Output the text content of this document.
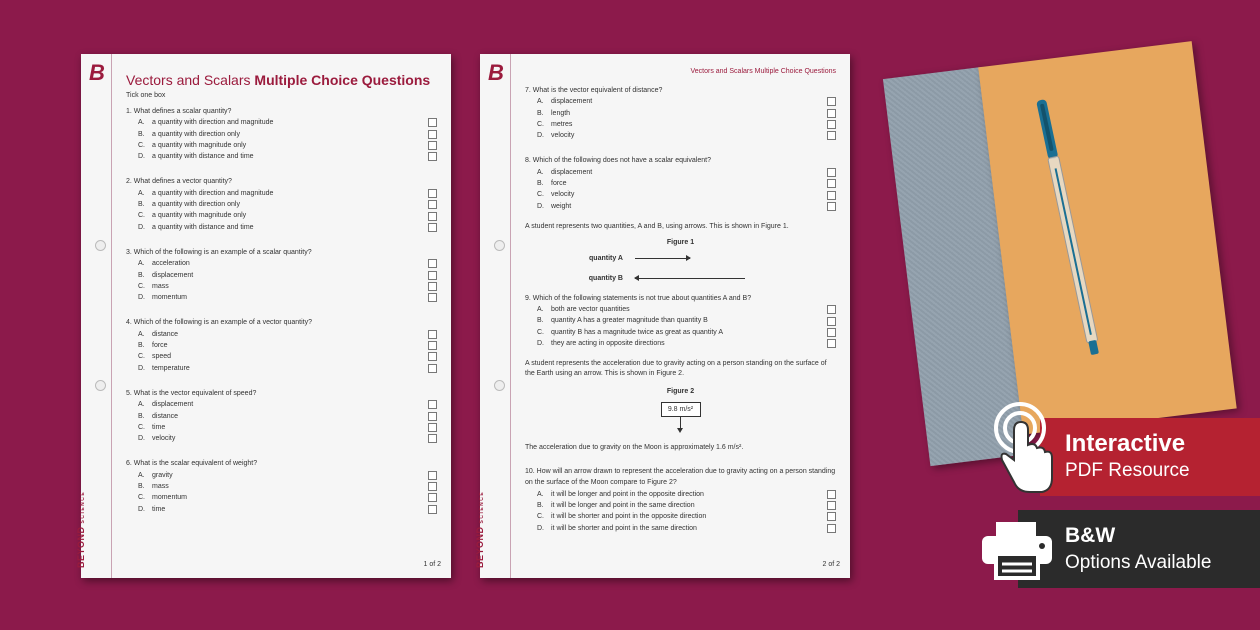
B
BEYONDSCIENCE
Vectors and Scalars Multiple Choice Questions
Tick one box
1. What defines a scalar quantity?
A.	a quantity with direction and magnitude
B.	a quantity with direction only
C.	a quantity with magnitude only
D.	a quantity with distance and time
2. What defines a vector quantity?
A.	a quantity with direction and magnitude
B.	a quantity with direction only
C.	a quantity with magnitude only
D.	a quantity with distance and time
3. Which of the following is an example of a scalar quantity?
A.	acceleration
B.	displacement
C.	mass
D.	momentum
4. Which of the following is an example of a vector quantity?
A.	distance
B.	force
C.	speed
D.	temperature
5. What is the vector equivalent of speed?
A.	displacement
B.	distance
C.	time
D.	velocity
6. What is the scalar equivalent of weight?
A.	gravity
B.	mass
C.	momentum
D.	time
1 of 2
B
BEYONDSCIENCE
Vectors and Scalars Multiple Choice Questions
7. What is the vector equivalent of distance?
A.	displacement
B.	length
C.	metres
D.	velocity
8. Which of the following does not have a scalar equivalent?
A.	displacement
B.	force
C.	velocity
D.	weight
A student represents two quantities, A and B, using arrows. This is shown in Figure 1.
Figure 1
quantity A
quantity B
9. Which of the following statements is not true about quantities A and B?
A.	both are vector quantities
B.	quantity A has a greater magnitude than quantity B
C.	quantity B has a magnitude twice as great as quantity A
D.	they are acting in opposite directions
A student represents the acceleration due to gravity acting on a person standing on the surface of the Earth using an arrow. This is shown in Figure 2.
Figure 2
9.8 m/s²
The acceleration due to gravity on the Moon is approximately 1.6 m/s².
10. How will an arrow drawn to represent the acceleration due to gravity acting on a person standing on the surface of the Moon compare to Figure 2?
A.	it will be longer and point in the opposite direction
B.	it will be longer and point in the same direction
C.	it will be shorter and point in the opposite direction
D.	it will be shorter and point in the same direction
2 of 2
Interactive
PDF Resource
B&W
Options Available
